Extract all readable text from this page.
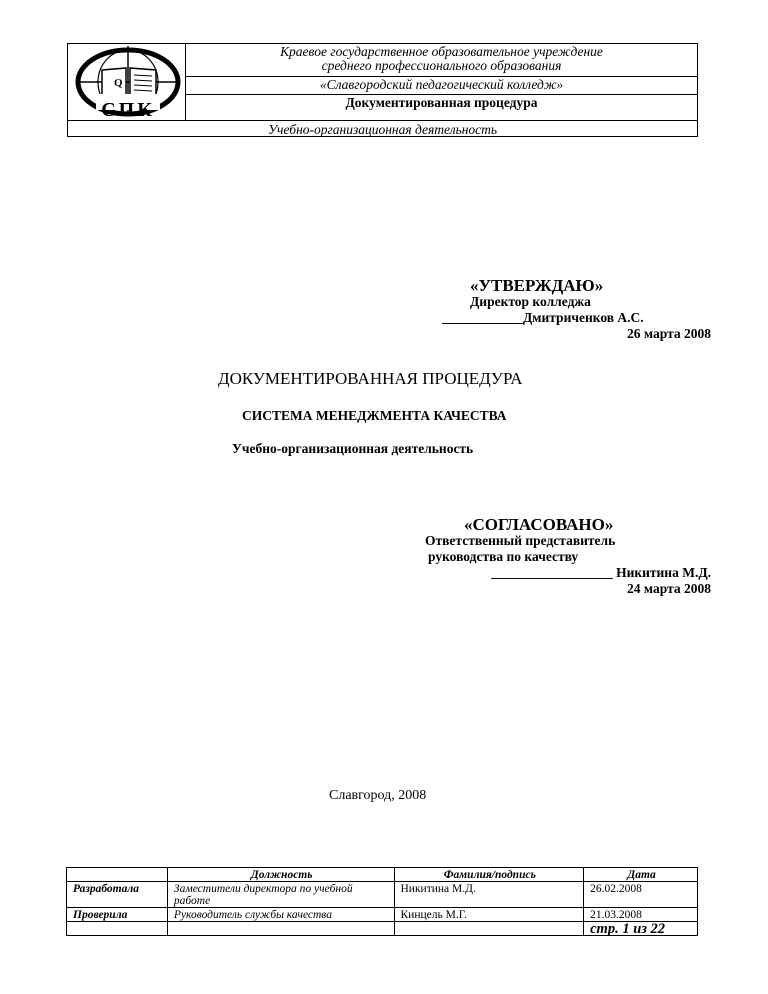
Q
СПК
Краевое государственное образовательное учреждение
среднего профессионального образования
«Славгородский педагогический колледж»
Документированная процедура
Учебно-организационная деятельность
«УТВЕРЖДАЮ»
Директор колледжа
____________Дмитриченков А.С.
26 марта 2008
ДОКУМЕНТИРОВАННАЯ ПРОЦЕДУРА
СИСТЕМА МЕНЕДЖМЕНТА КАЧЕСТВА
Учебно-организационная деятельность
«СОГЛАСОВАНО»
Ответственный представитель
руководства по качеству
__________________ Никитина М.Д.
24 марта 2008
Славгород, 2008
	Должность	Фамилия/подпись	Дата
Разработала	Заместители директора по учебной работе	Никитина М.Д.	26.02.2008
Проверила	Руководитель службы качества	Кинцель М.Г.	21.03.2008
			стр. 1 из 22
